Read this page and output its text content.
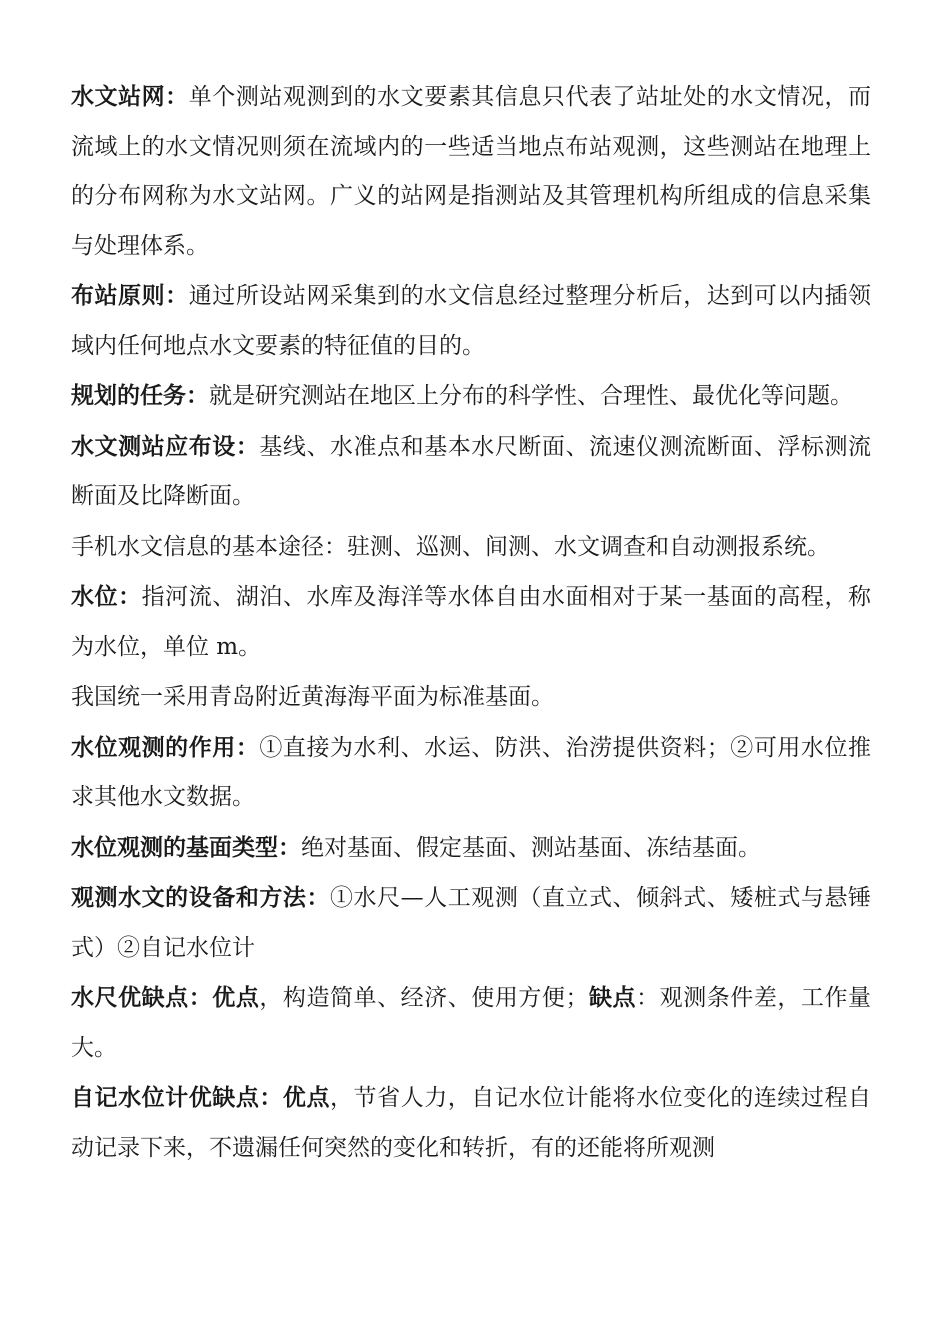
水文站网：单个测站观测到的水文要素其信息只代表了站址处的水文情况，而流域上的水文情况则须在流域内的一些适当地点布站观测，这些测站在地理上的分布网称为水文站网。广义的站网是指测站及其管理机构所组成的信息采集与处理体系。

布站原则：通过所设站网采集到的水文信息经过整理分析后，达到可以内插领域内任何地点水文要素的特征值的目的。

规划的任务：就是研究测站在地区上分布的科学性、合理性、最优化等问题。

水文测站应布设：基线、水准点和基本水尺断面、流速仪测流断面、浮标测流断面及比降断面。

手机水文信息的基本途径：驻测、巡测、间测、水文调查和自动测报系统。

水位：指河流、湖泊、水库及海洋等水体自由水面相对于某一基面的高程，称为水位，单位 m。

我国统一采用青岛附近黄海海平面为标准基面。

水位观测的作用：①直接为水利、水运、防洪、治涝提供资料；②可用水位推求其他水文数据。

水位观测的基面类型：绝对基面、假定基面、测站基面、冻结基面。

观测水文的设备和方法：①水尺—人工观测（直立式、倾斜式、矮桩式与悬锤式）②自记水位计

水尺优缺点：优点，构造简单、经济、使用方便；缺点：观测条件差，工作量大。

自记水位计优缺点：优点，节省人力，自记水位计能将水位变化的连续过程自动记录下来，不遗漏任何突然的变化和转折，有的还能将所观测
